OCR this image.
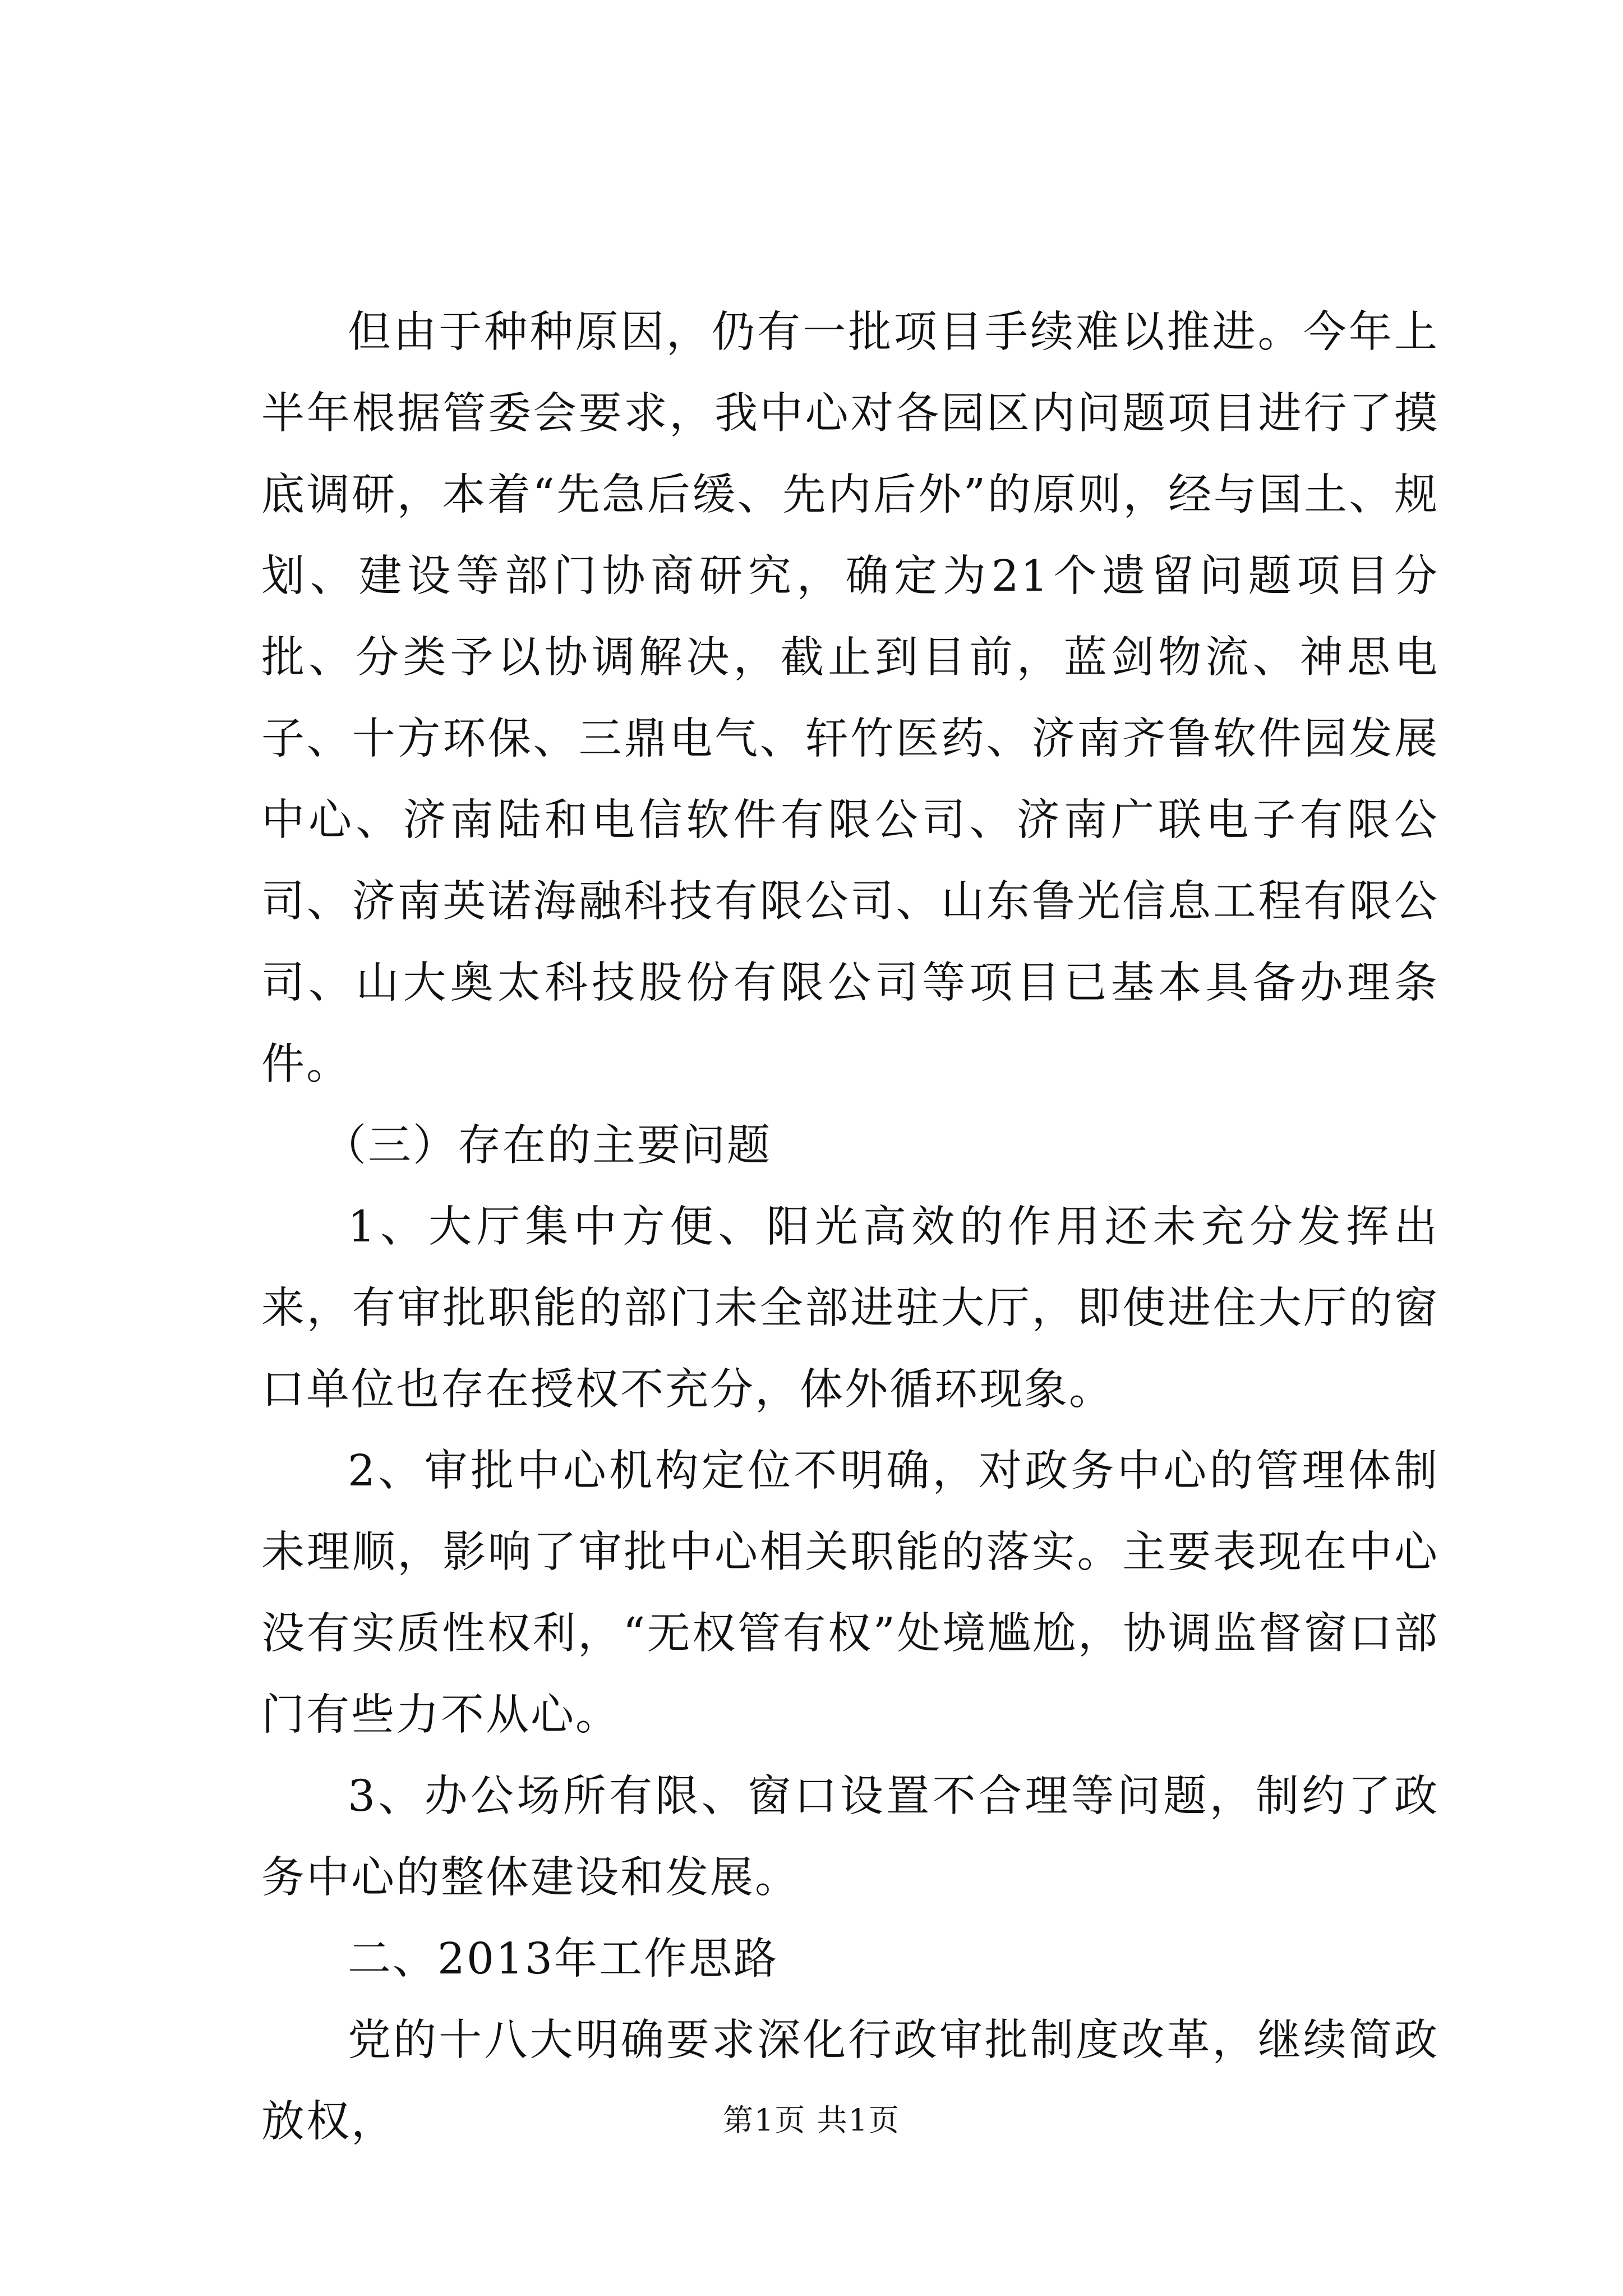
但由于种种原因，仍有一批项目手续难以推进。今年上半年根据管委会要求，我中心对各园区内问题项目进行了摸底调研，本着“先急后缓、先内后外”的原则，经与国土、规划、建设等部门协商研究，确定为21个遗留问题项目分批、分类予以协调解决，截止到目前，蓝剑物流、神思电子、十方环保、三鼎电气、轩竹医药、济南齐鲁软件园发展中心、济南陆和电信软件有限公司、济南广联电子有限公司、济南英诺海融科技有限公司、山东鲁光信息工程有限公司、山大奥太科技股份有限公司等项目已基本具备办理条件。

（三）存在的主要问题

1、大厅集中方便、阳光高效的作用还未充分发挥出来，有审批职能的部门未全部进驻大厅，即使进住大厅的窗口单位也存在授权不充分，体外循环现象。

2、审批中心机构定位不明确，对政务中心的管理体制未理顺，影响了审批中心相关职能的落实。主要表现在中心没有实质性权利，“无权管有权”处境尴尬，协调监督窗口部门有些力不从心。

3、办公场所有限、窗口设置不合理等问题，制约了政务中心的整体建设和发展。

二、2013年工作思路

党的十八大明确要求深化行政审批制度改革，继续简政放权，	第1页 共1页
